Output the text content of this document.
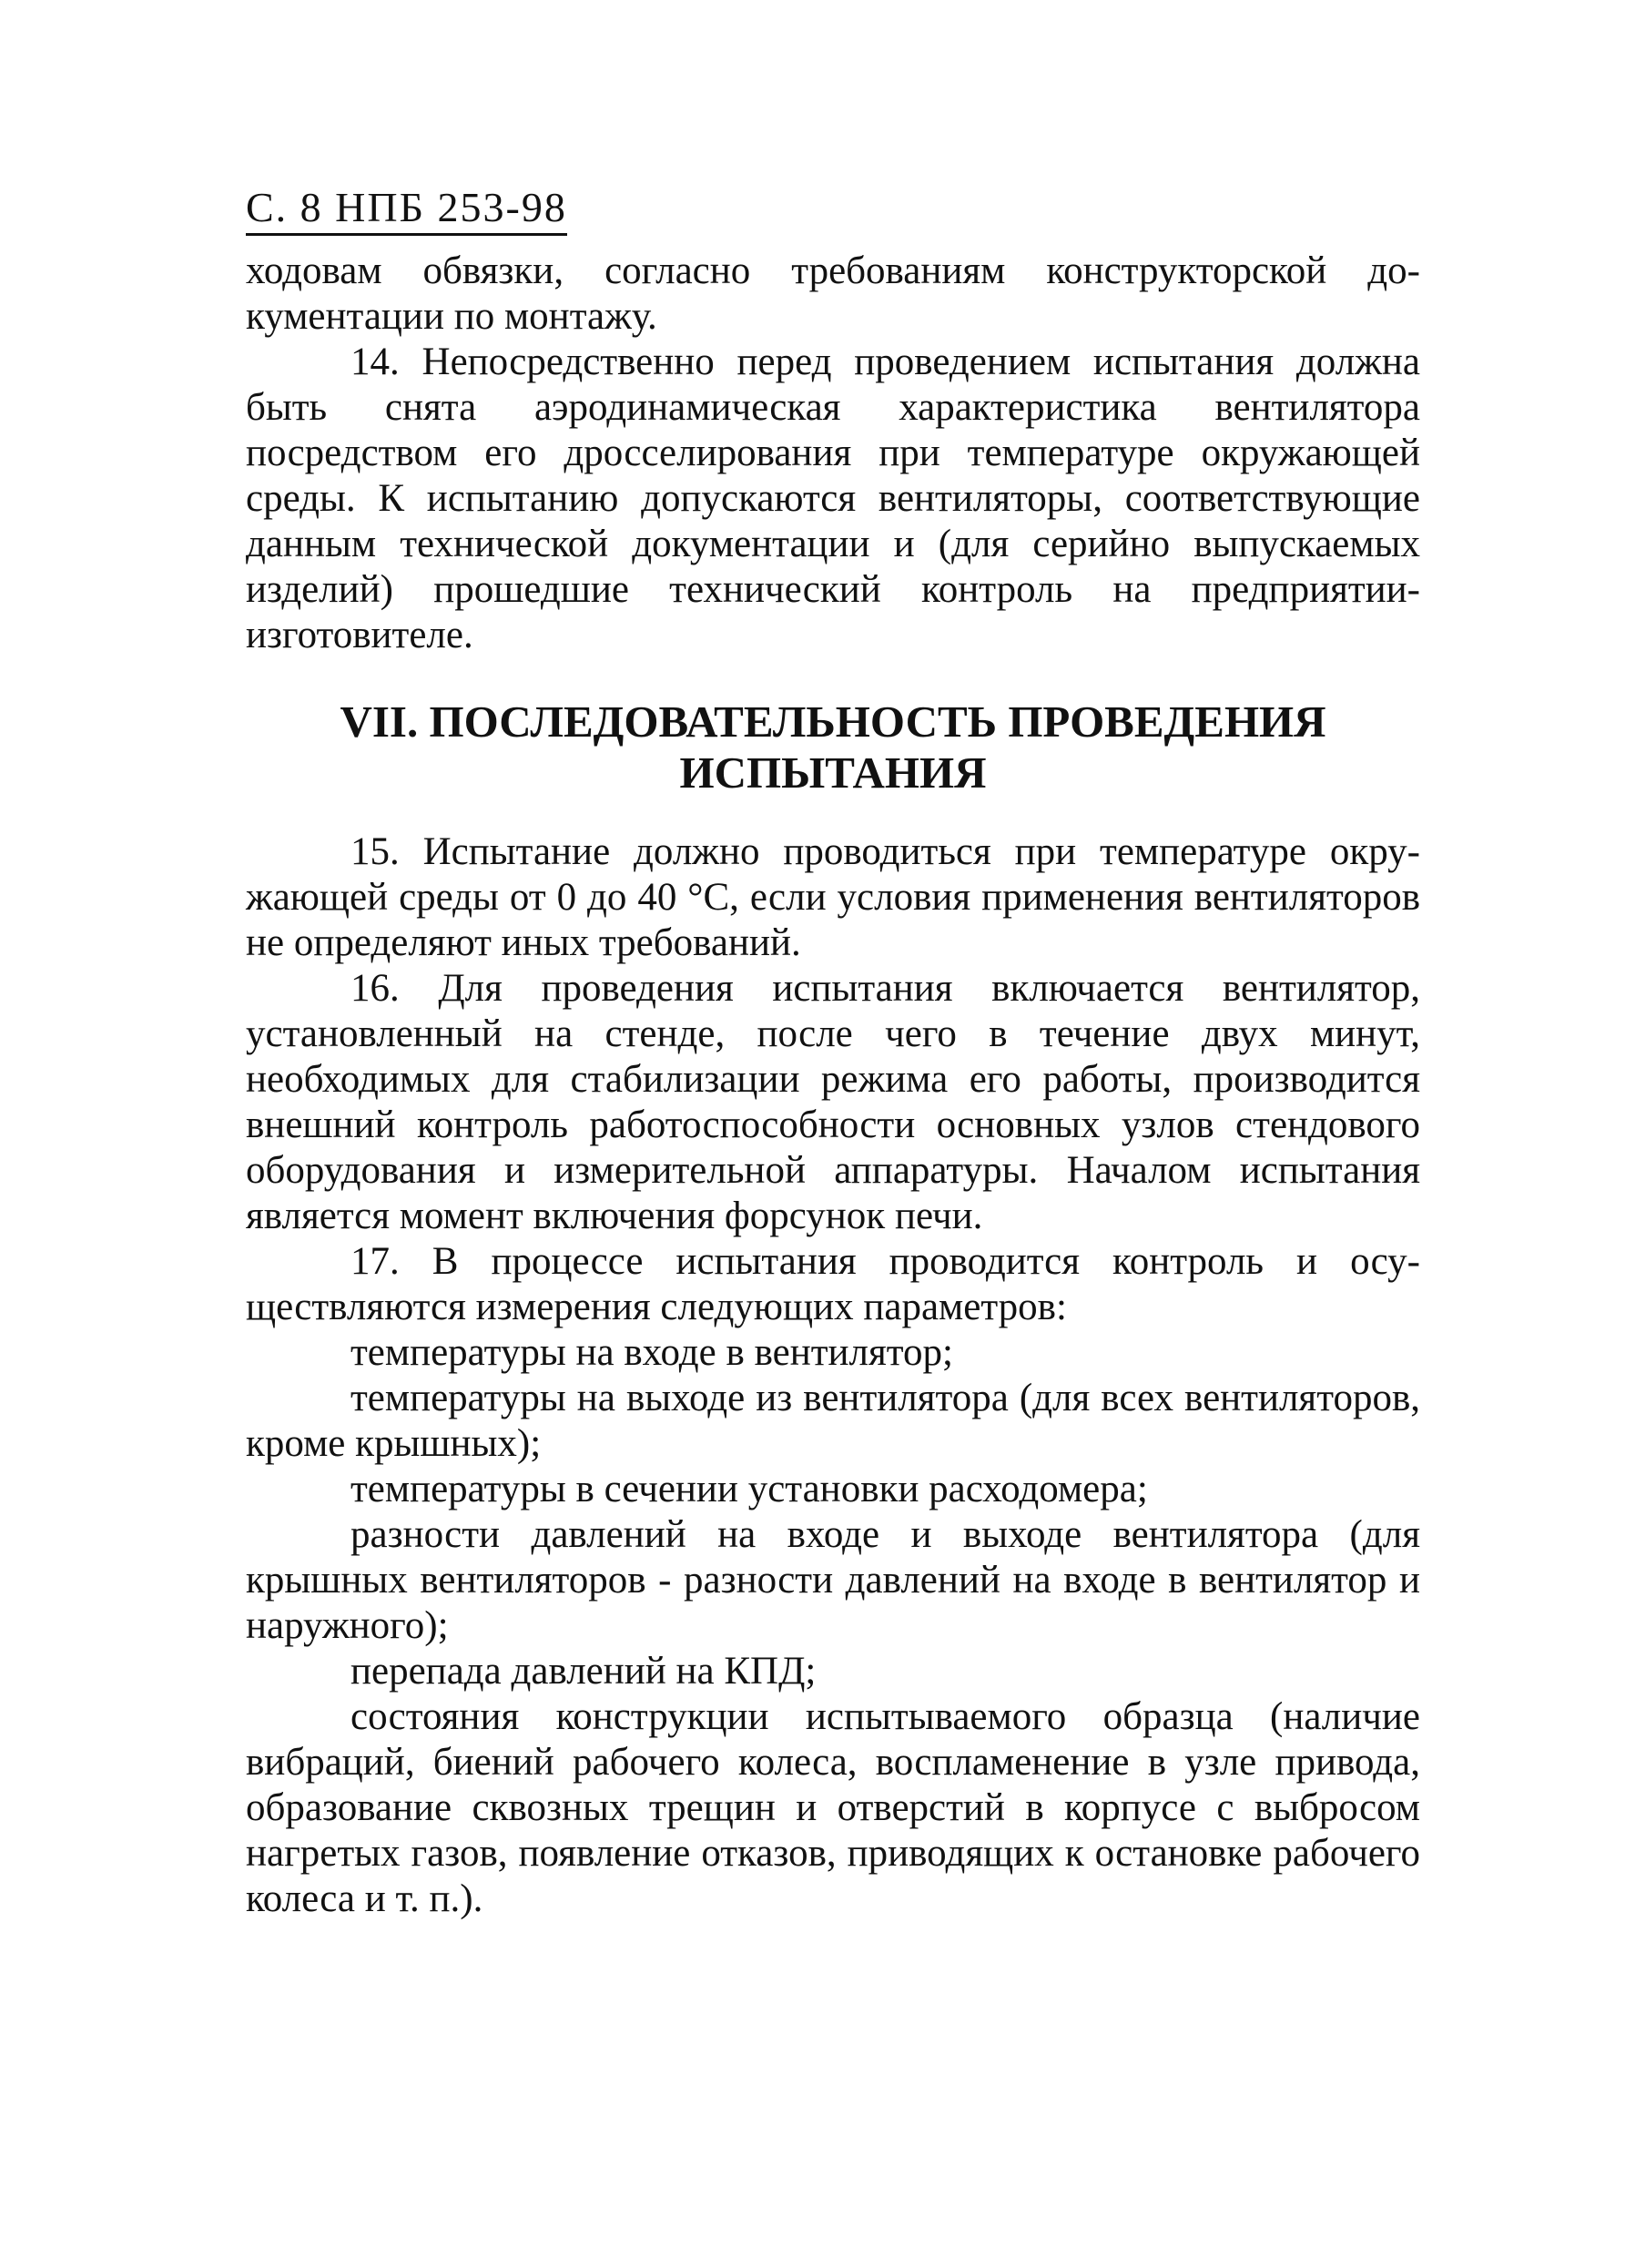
С. 8 НПБ 253-98

ходовам обвязки, согласно требованиям конструкторской документации по монтажу.

14. Непосредственно перед проведением испытания должна быть снята аэродинамическая характеристика вентилятора посредством его дросселирования при температуре окружающей среды. К испытанию допускаются вентиляторы, соответствующие данным технической документации и (для серийно выпускаемых изделий) прошедшие технический контроль на предприятии-изготовителе.

VII. ПОСЛЕДОВАТЕЛЬНОСТЬ ПРОВЕДЕНИЯ
ИСПЫТАНИЯ

15. Испытание должно проводиться при температуре окружающей среды от 0 до 40 °С, если условия применения вентиляторов не определяют иных требований.

16. Для проведения испытания включается вентилятор, установленный на стенде, после чего в течение двух минут, необходимых для стабилизации режима его работы, производится внешний контроль работоспособности основных узлов стендового оборудования и измерительной аппаратуры. Началом испытания является момент включения форсунок печи.

17. В процессе испытания проводится контроль и осуществляются измерения следующих параметров:

температуры на входе в вентилятор;

температуры на выходе из вентилятора (для всех вентиляторов, кроме крышных);

температуры в сечении установки расходомера;

разности давлений на входе и выходе вентилятора (для крышных вентиляторов - разности давлений на входе в вентилятор и наружного);

перепада давлений на КПД;

состояния конструкции испытываемого образца (наличие вибраций, биений рабочего колеса, воспламенение в узле привода, образование сквозных трещин и отверстий в корпусе с выбросом нагретых газов, появление отказов, приводящих к остановке рабочего колеса и т. п.).
